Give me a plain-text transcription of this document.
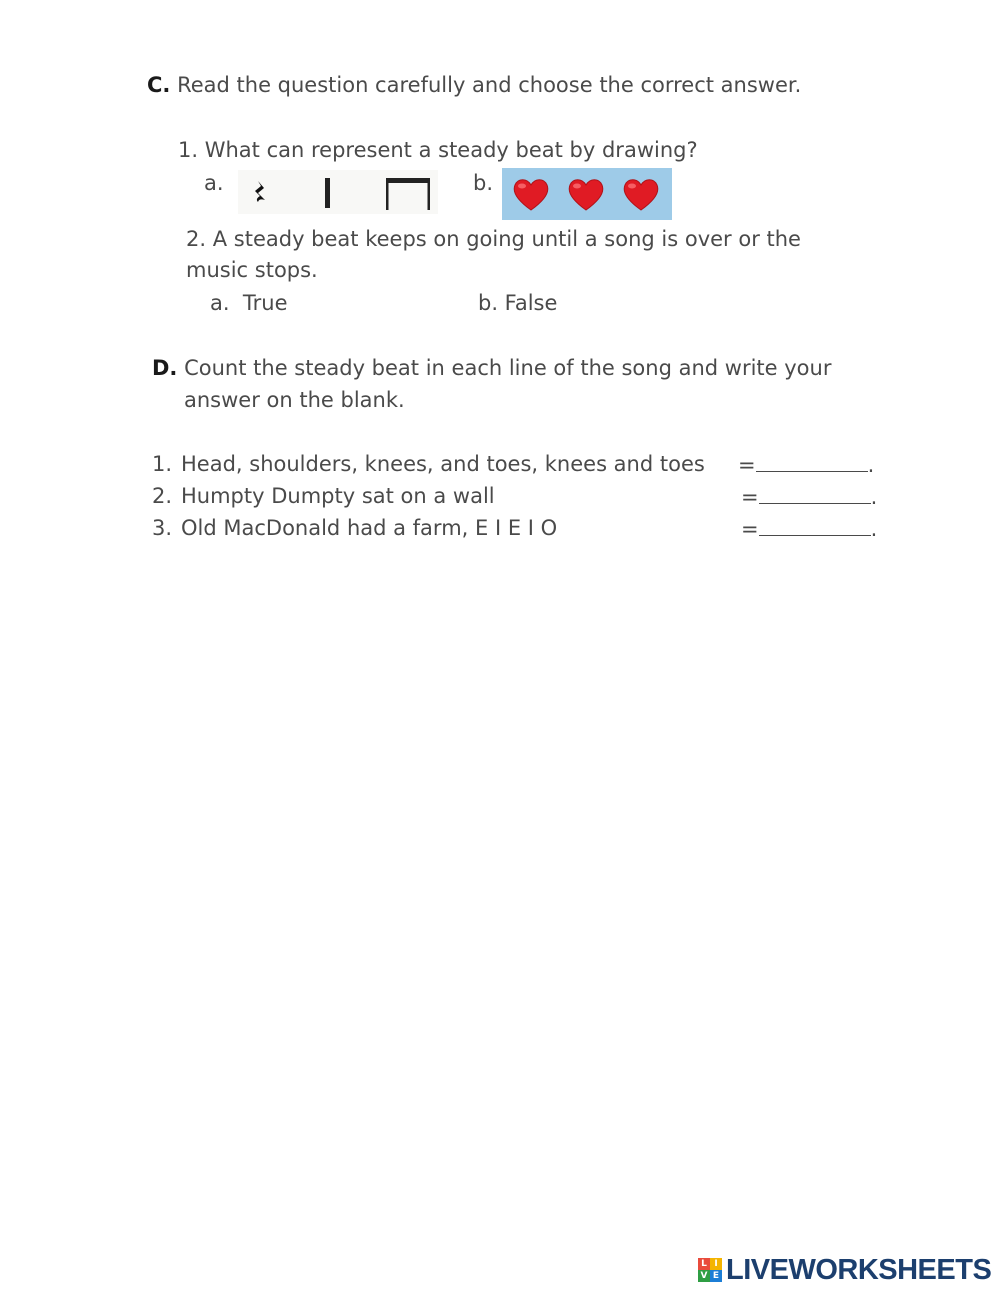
C. Read the question carefully and choose the correct answer.
1. What can represent a steady beat by drawing?
a.	b.
2. A steady beat keeps on going until a song is over or the
music stops.
a.  True	b. False
D. Count the steady beat in each line of the song and write your
answer on the blank.
1. Head, shoulders, knees, and toes, knees and toes =	.
2. Humpty Dumpty sat on a wall	=	.
3. Old MacDonald had a farm, E I E I O	=	.
L I
V E LIVEWORKSHEETS
